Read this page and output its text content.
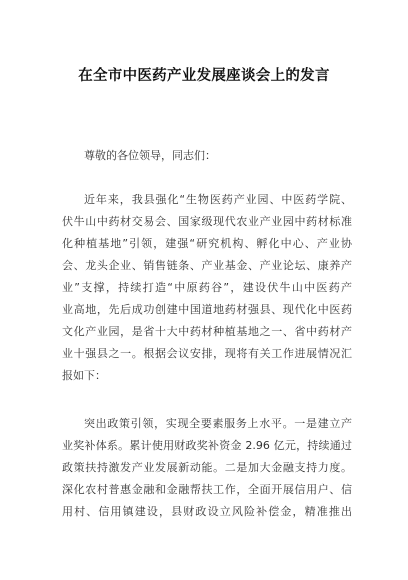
在全市中医药产业发展座谈会上的发言

尊敬的各位领导，同志们：

近年来，我县强化“生物医药产业园、中医药学院、

伏牛山中药材交易会、国家级现代农业产业园中药材标准

化种植基地”引领，建强“研究机构、孵化中心、产业协

会、龙头企业、销售链条、产业基金、产业论坛、康养产

业”支撑，持续打造“中原药谷”，建设伏牛山中医药产

业高地，先后成功创建中国道地药材强县、现代化中医药

文化产业园，是省十大中药材种植基地之一、省中药材产

业十强县之一。根据会议安排，现将有关工作进展情况汇

报如下：

突出政策引领，实现全要素服务上水平。一是建立产

业奖补体系。累计使用财政奖补资金 2.96 亿元，持续通过

政策扶持激发产业发展新动能。二是加大金融支持力度。

深化农村普惠金融和金融帮扶工作，全面开展信用户、信

用村、信用镇建设，县财政设立风险补偿金，精准推出
